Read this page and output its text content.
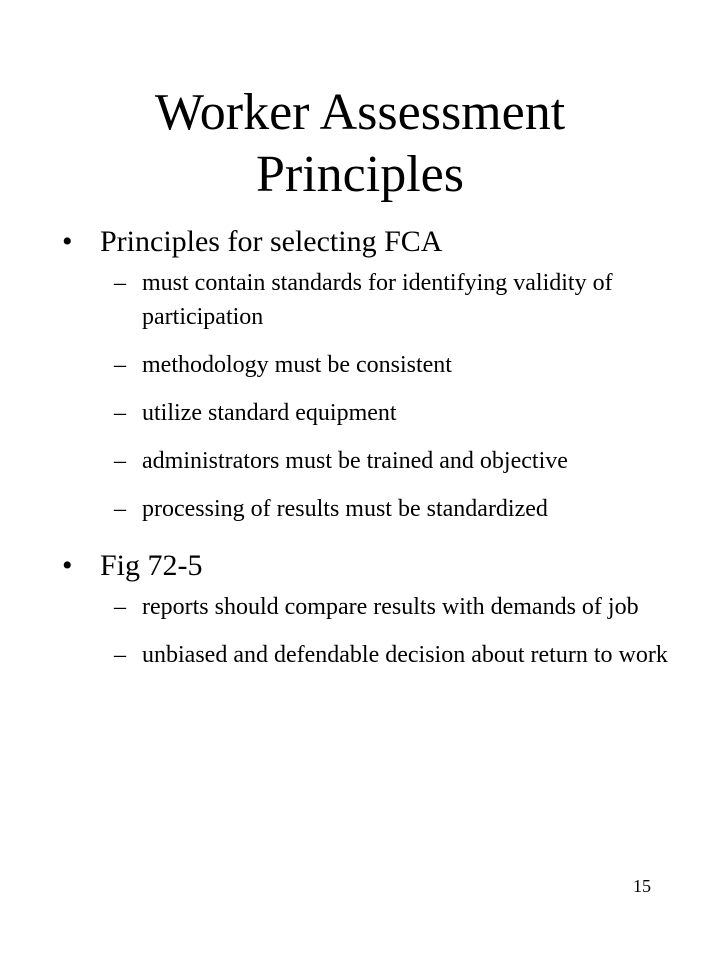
Worker Assessment
Principles
• Principles for selecting FCA
– must contain standards for identifying validity of participation
– methodology must be consistent
– utilize standard equipment
– administrators must be trained and objective
– processing of results must be standardized
• Fig 72-5
– reports should compare results with demands of job
– unbiased and defendable decision about return to work
15
